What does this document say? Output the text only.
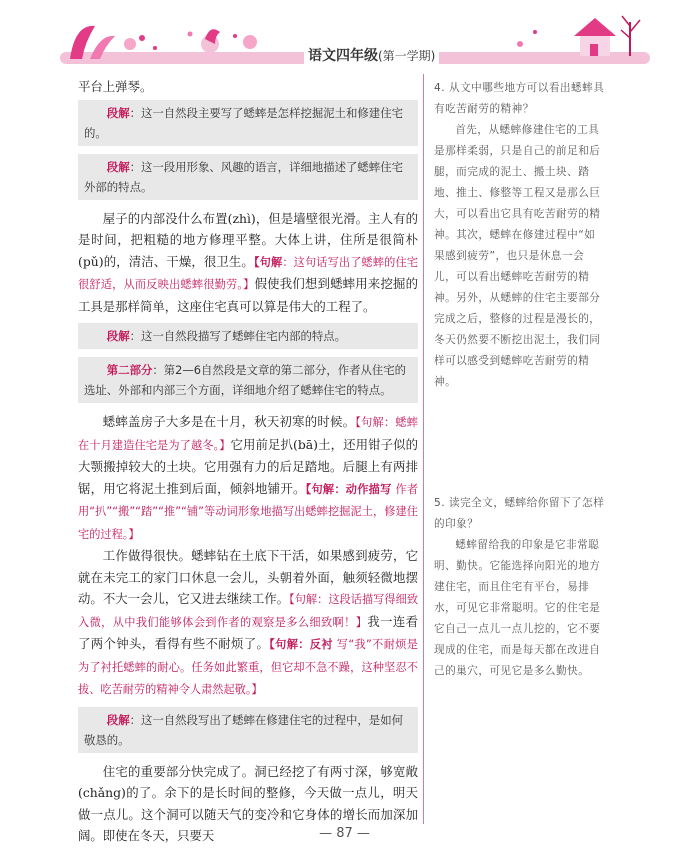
语文四年级(第一学期)

平台上弹琴。

段解：这一自然段主要写了蟋蟀是怎样挖掘泥土和修建住宅的。
段解：这一段用形象、风趣的语言，详细地描述了蟋蟀住宅外部的特点。

屋子的内部没什么布置(zhì)，但是墙壁很光滑。主人有的是时间，把粗糙的地方修理平整。大体上讲，住所是很简朴(pǔ)的，清洁、干燥，很卫生。【句解：这句话写出了蟋蟀的住宅很舒适，从而反映出蟋蟀很勤劳。】假使我们想到蟋蟀用来挖掘的工具是那样简单，这座住宅真可以算是伟大的工程了。

段解：这一自然段描写了蟋蟀住宅内部的特点。
第二部分：第2—6自然段是文章的第二部分，作者从住宅的选址、外部和内部三个方面，详细地介绍了蟋蟀住宅的特点。

蟋蟀盖房子大多是在十月，秋天初寒的时候。【句解：蟋蟀在十月建造住宅是为了越冬。】它用前足扒(bā)土，还用钳子似的大颚搬掉较大的土块。它用强有力的后足踏地。后腿上有两排锯，用它将泥土推到后面，倾斜地铺开。【句解：动作描写 作者用“扒”“搬”“踏”“推”“铺”等动词形象地描写出蟋蟀挖掘泥土，修建住宅的过程。】

工作做得很快。蟋蟀钻在土底下干活，如果感到疲劳，它就在未完工的家门口休息一会儿，头朝着外面，触须轻微地摆动。不大一会儿，它又进去继续工作。【句解：这段话描写得细致入微，从中我们能够体会到作者的观察是多么细致啊！】我一连看了两个钟头，看得有些不耐烦了。【句解：反衬 写“我”不耐烦是为了衬托蟋蟀的耐心。任务如此繁重，但它却不急不躁，这种坚忍不拔、吃苦耐劳的精神令人肃然起敬。】

段解：这一自然段写出了蟋蟀在修建住宅的过程中，是如何敬恳的。

住宅的重要部分快完成了。洞已经挖了有两寸深，够宽敞(chǎng)的了。余下的是长时间的整修，今天做一点儿，明天做一点儿。这个洞可以随天气的变冷和它身体的增长而加深加阔。即使在冬天，只要天

4. 从文中哪些地方可以看出蟋蟀具有吃苦耐劳的精神？
首先，从蟋蟀修建住宅的工具是那样柔弱，只是自己的前足和后腿，而完成的泥土、搬土块、踏地、推土、修整等工程又是那么巨大，可以看出它具有吃苦耐劳的精神。其次，蟋蟀在修建过程中“如果感到疲劳”，也只是休息一会儿，可以看出蟋蟀吃苦耐劳的精神。另外，从蟋蟀的住宅主要部分完成之后，整修的过程是漫长的，冬天仍然要不断挖出泥土，我们同样可以感受到蟋蟀吃苦耐劳的精神。
5. 读完全文，蟋蟀给你留下了怎样的印象？
蟋蟀留给我的印象是它非常聪明、勤快。它能选择向阳光的地方建住宅，而且住宅有平台，易排水，可见它非常聪明。它的住宅是它自己一点儿一点儿挖的，它不要现成的住宅，而是每天都在改进自己的巢穴，可见它是多么勤快。
— 87 —
